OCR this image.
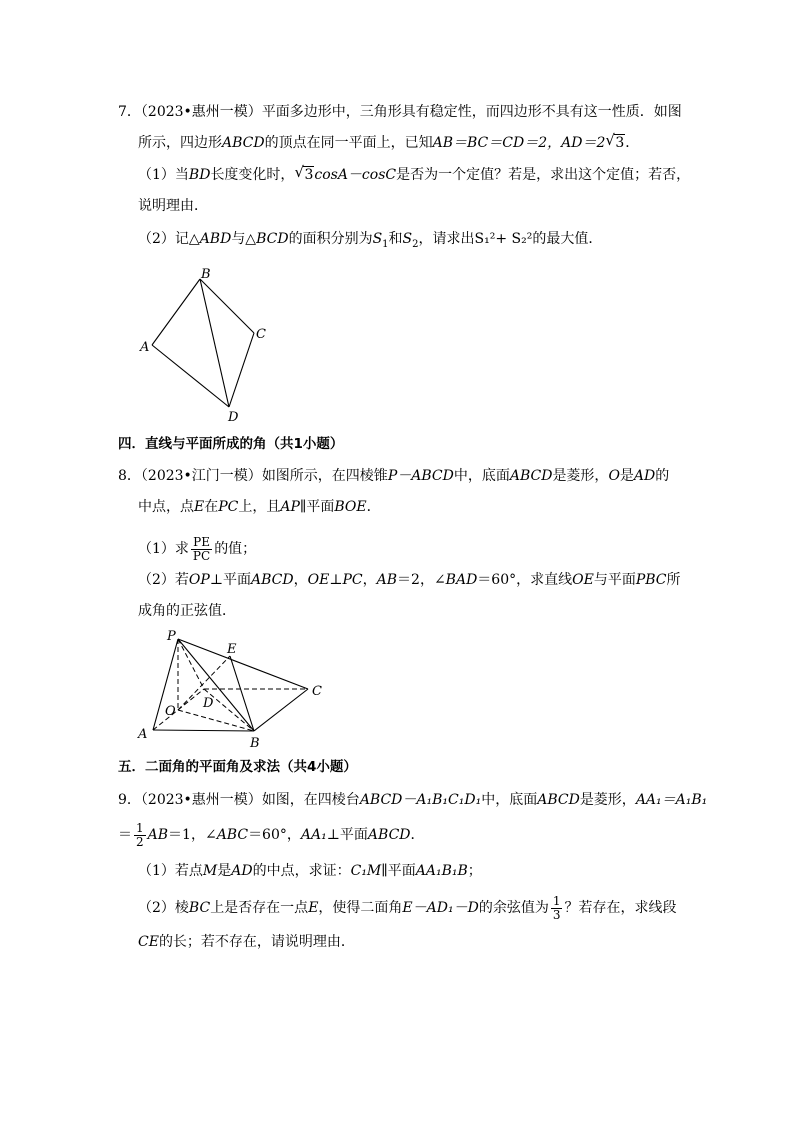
7．（2023•惠州一模）平面多边形中，三角形具有稳定性，而四边形不具有这一性质．如图
所示，四边形ABCD的顶点在同一平面上，已知AB＝BC＝CD＝2，AD＝2 √ 3．
（1）当BD长度变化时， √ 3cosA－cosC是否为一个定值？若是，求出这个定值；若否，
说明理由．
（2）记△ABD与△BCD的面积分别为$S_1$和$S_2$，请求出S₁²+ S₂²的最大值．
A
B
C
D
四．直线与平面所成的角（共1小题）
8．（2023•江门一模）如图所示，在四棱锥P－ABCD中，底面ABCD是菱形，O是AD的
中点，点E在PC上，且AP∥平面BOE．
（1）求 $\frac{PE}{PC}$ 的值；
（2）若OP⊥平面ABCD，OE⊥PC，AB＝2，∠BAD＝60°，求直线OE与平面PBC所
成角的正弦值．
P
E
C
O
D
A
B
五．二面角的平面角及求法（共4小题）
9．（2023•惠州一模）如图，在四棱台ABCD－A₁B₁C₁D₁中，底面ABCD是菱形，AA₁＝A₁B₁
＝ $\frac{1}{2} AB=1$，∠ABC＝60°，AA₁⊥平面ABCD．
（1）若点M是AD的中点，求证：C₁M∥平面AA₁B₁B；
（2）棱BC上是否存在一点E，使得二面角E－AD₁－D的余弦值为 $\frac{1}{3}$ ？若存在，求线段
CE的长；若不存在，请说明理由．
